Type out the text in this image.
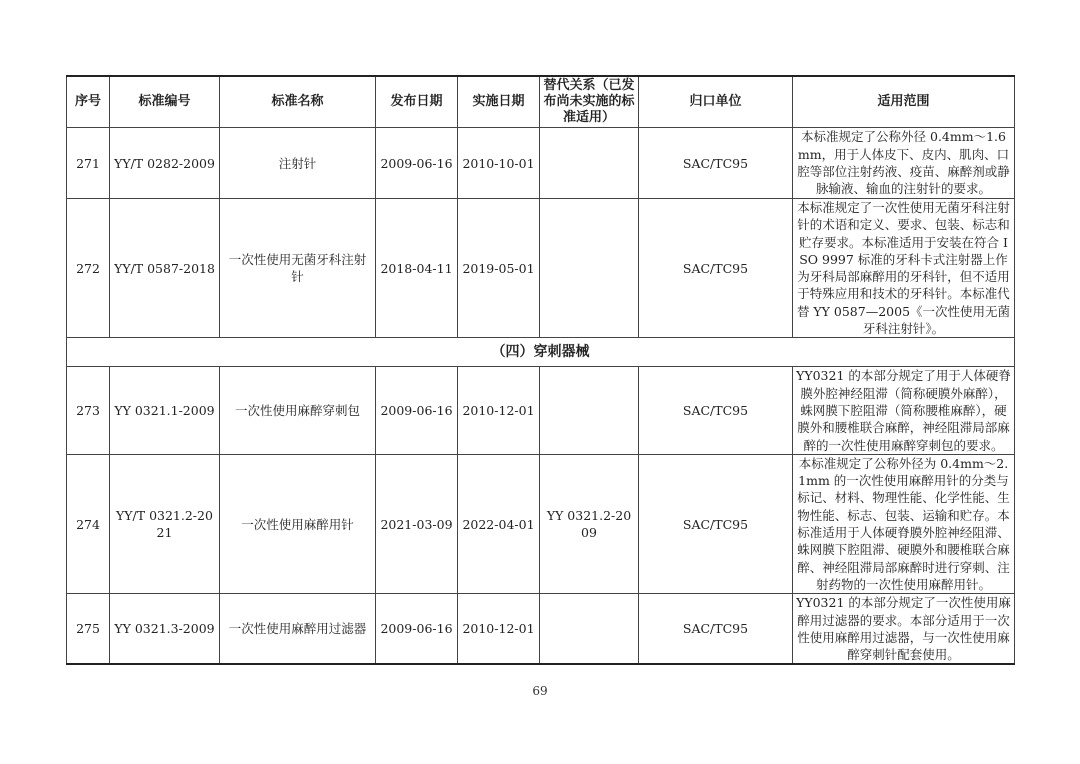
序号	标准编号	标准名称	发布日期	实施日期	替代关系（已发布尚未实施的标准适用）	归口单位	适用范围
271	YY/T 0282-2009	注射针	2009-06-16	2010-10-01		SAC/TC95	本标准规定了公称外径 0.4mm～1.6mm，用于人体皮下、皮内、肌肉、口腔等部位注射药液、疫苗、麻醉剂或静脉输液、输血的注射针的要求。
272	YY/T 0587-2018	一次性使用无菌牙科注射针	2018-04-11	2019-05-01		SAC/TC95	本标准规定了一次性使用无菌牙科注射针的术语和定义、要求、包装、标志和贮存要求。本标准适用于安装在符合 ISO 9997 标准的牙科卡式注射器上作为牙科局部麻醉用的牙科针，但不适用于特殊应用和技术的牙科针。本标准代替 YY 0587—2005《一次性使用无菌牙科注射针》。
（四）穿刺器械							
273	YY 0321.1-2009	一次性使用麻醉穿刺包	2009-06-16	2010-12-01		SAC/TC95	YY0321 的本部分规定了用于人体硬脊膜外腔神经阻滞（简称硬膜外麻醉），蛛网膜下腔阻滞（简称腰椎麻醉），硬膜外和腰椎联合麻醉，神经阻滞局部麻醉的一次性使用麻醉穿刺包的要求。
274	YY/T 0321.2-2021	一次性使用麻醉用针	2021-03-09	2022-04-01	YY 0321.2-2009	SAC/TC95	本标准规定了公称外径为 0.4mm～2.1mm 的一次性使用麻醉用针的分类与标记、材料、物理性能、化学性能、生物性能、标志、包装、运输和贮存。本标准适用于人体硬脊膜外腔神经阻滞、蛛网膜下腔阻滞、硬膜外和腰椎联合麻醉、神经阻滞局部麻醉时进行穿刺、注射药物的一次性使用麻醉用针。
275	YY 0321.3-2009	一次性使用麻醉用过滤器	2009-06-16	2010-12-01		SAC/TC95	YY0321 的本部分规定了一次性使用麻醉用过滤器的要求。本部分适用于一次性使用麻醉用过滤器，与一次性使用麻醉穿刺针配套使用。
69
